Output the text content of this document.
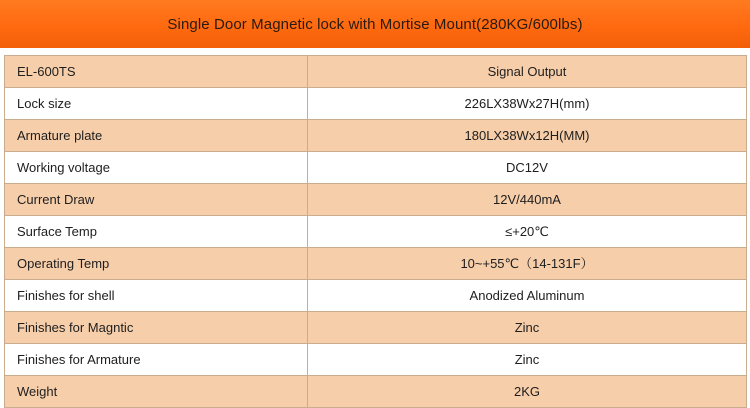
Single Door Magnetic lock with Mortise Mount(280KG/600lbs)
EL-600TS	Signal Output
Lock size	226LX38Wx27H(mm)
Armature plate	180LX38Wx12H(MM)
Working voltage	DC12V
Current Draw	12V/440mA
Surface Temp	≤+20℃
Operating Temp	10~+55℃（14-131F）
Finishes for shell	Anodized Aluminum
Finishes for Magntic	Zinc
Finishes for Armature	Zinc
Weight	2KG
